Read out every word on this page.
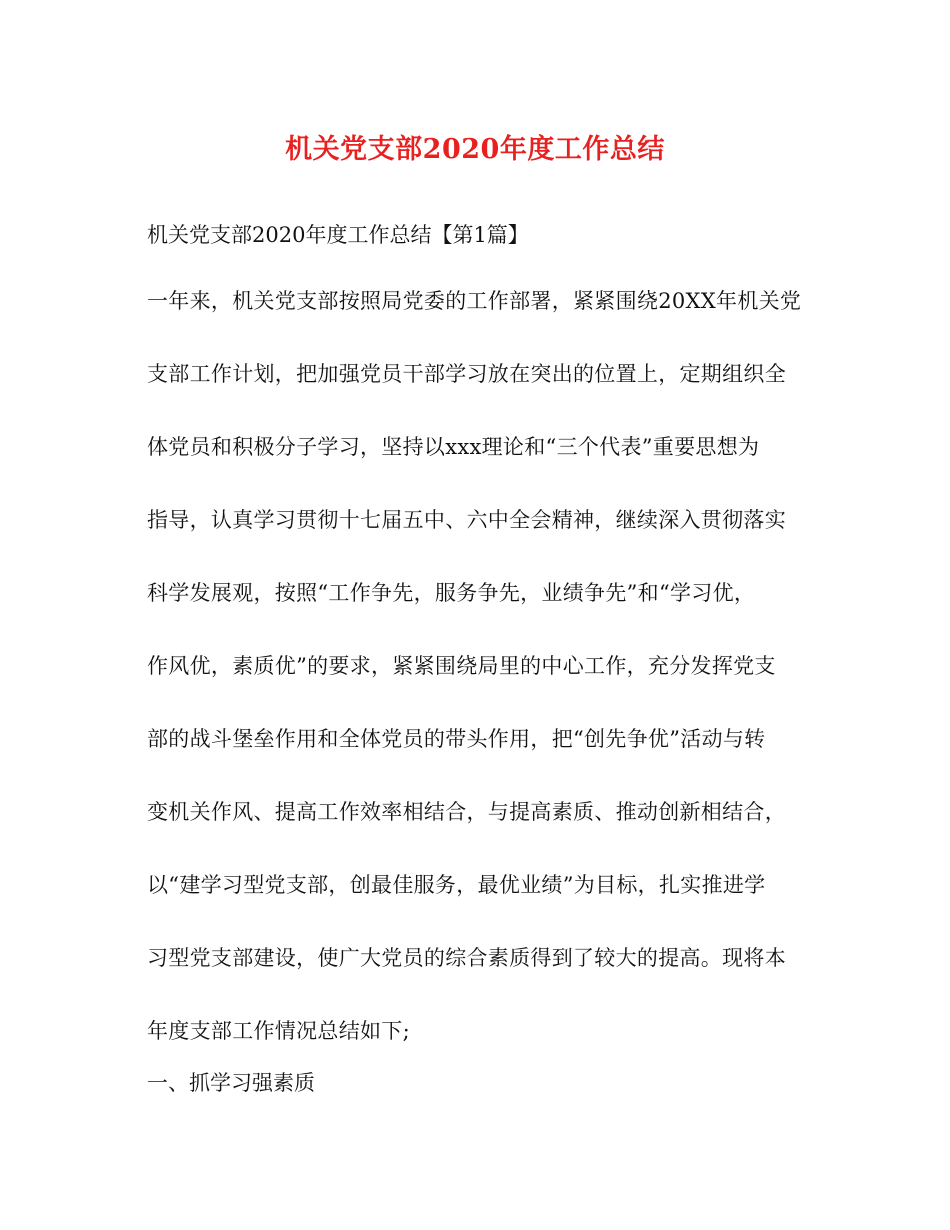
机关党支部2020年度工作总结
机关党支部2020年度工作总结【第1篇】
一年来，机关党支部按照局党委的工作部署，紧紧围绕20XX年机关党
支部工作计划，把加强党员干部学习放在突出的位置上，定期组织全
体党员和积极分子学习，坚持以xxx理论和“三个代表”重要思想为
指导，认真学习贯彻十七届五中、六中全会精神，继续深入贯彻落实
科学发展观，按照“工作争先，服务争先，业绩争先”和“学习优，
作风优，素质优”的要求，紧紧围绕局里的中心工作，充分发挥党支
部的战斗堡垒作用和全体党员的带头作用，把“创先争优”活动与转
变机关作风、提高工作效率相结合，与提高素质、推动创新相结合，
以“建学习型党支部，创最佳服务，最优业绩”为目标，扎实推进学
习型党支部建设，使广大党员的综合素质得到了较大的提高。现将本
年度支部工作情况总结如下;
一、抓学习强素质
